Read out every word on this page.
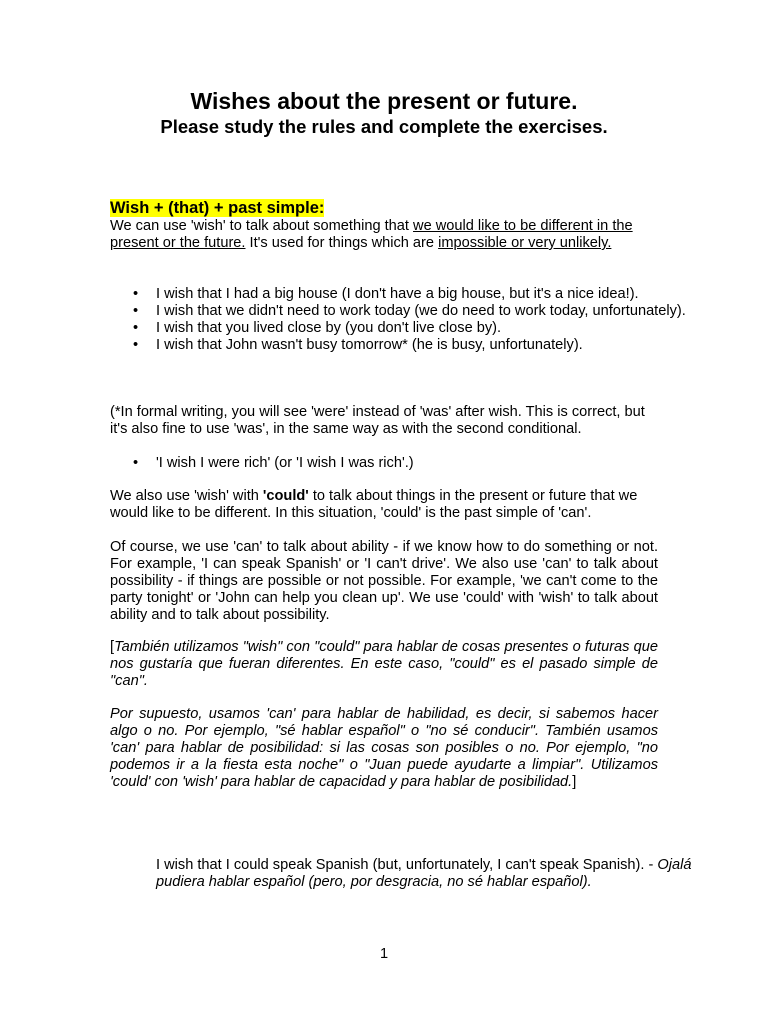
Wishes about the present or future.
Please study the rules and complete the exercises.
Wish + (that) + past simple:

We can use 'wish' to talk about something that we would like to be different in the present or the future. It's used for things which are impossible or very unlikely.

• I wish that I had a big house (I don't have a big house, but it's a nice idea!).
• I wish that we didn't need to work today (we do need to work today, unfortunately).
• I wish that you lived close by (you don't live close by).
• I wish that John wasn't busy tomorrow* (he is busy, unfortunately).

(*In formal writing, you will see 'were' instead of 'was' after wish. This is correct, but it's also fine to use 'was', in the same way as with the second conditional.

• 'I wish I were rich' (or 'I wish I was rich'.)

We also use 'wish' with 'could' to talk about things in the present or future that we would like to be different. In this situation, 'could' is the past simple of 'can'.

Of course, we use 'can' to talk about ability - if we know how to do something or not. For example, 'I can speak Spanish' or 'I can't drive'. We also use 'can' to talk about possibility - if things are possible or not possible. For example, 'we can't come to the party tonight' or 'John can help you clean up'. We use 'could' with 'wish' to talk about ability and to talk about possibility.

[También utilizamos "wish" con "could" para hablar de cosas presentes o futuras que nos gustaría que fueran diferentes. En este caso, "could" es el pasado simple de "can".

Por supuesto, usamos 'can' para hablar de habilidad, es decir, si sabemos hacer algo o no. Por ejemplo, "sé hablar español" o "no sé conducir". También usamos 'can' para hablar de posibilidad: si las cosas son posibles o no. Por ejemplo, "no podemos ir a la fiesta esta noche" o "Juan puede ayudarte a limpiar". Utilizamos 'could' con 'wish' para hablar de capacidad y para hablar de posibilidad.]

I wish that I could speak Spanish (but, unfortunately, I can't speak Spanish). - Ojalá pudiera hablar español (pero, por desgracia, no sé hablar español).

1
